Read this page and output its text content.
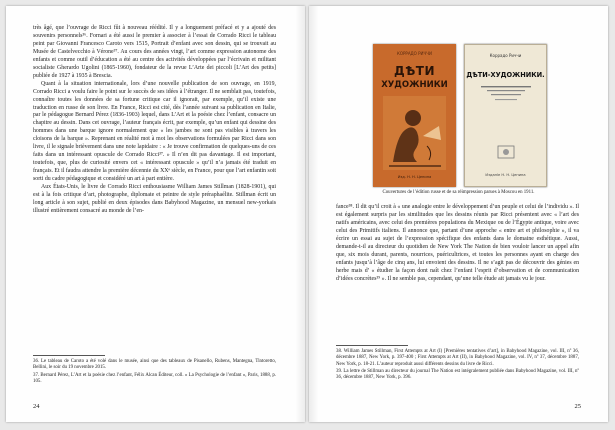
très âgé, que l’ouvrage de Ricci fût à nouveau réédité. Il y a longuement préfacé et y a ajouté des souvenirs personnels³⁶. Fornari a été aussi le premier à associer à l’essai de Corrado Ricci le tableau peint par Giovanni Francesco Caroto vers 1515, Portrait d’enfant avec son dessin, qui se trouvait au Musée de Castelvecchio à Vérone³⁷. Au cours des années vingt, l’art comme expression autonome des enfants et comme outil d’éducation a été au centre des activités développées par l’écrivain et militant socialiste Gherardo Ugolini (1865-1960), fondateur de la revue L’Arte dei piccoli [L’Art des petits] publiée de 1927 à 1935 à Brescia.

Quant à la situation internationale, lors d’une nouvelle publication de son ouvrage, en 1919, Corrado Ricci a voulu faire le point sur le succès de ses idées à l’étranger. Il ne semblait pas, toutefois, connaître toutes les données de sa fortune critique car il ignorait, par exemple, qu’il existe une traduction en russe de son livre. En France, Ricci est cité, dès l’année suivant sa publication en Italie, par le pédagogue Bernard Pérez (1836-1903) lequel, dans L’Art et la poésie chez l’enfant, consacre un chapitre au dessin. Dans cet ouvrage, l’auteur français écrit, par exemple, qu’un enfant qui dessine des hommes dans une barque ignore normalement que « les jambes ne sont pas visibles à travers les cloisons de la barque ». Reprenant en réalité mot à mot les observations formulées par Ricci dans son livre, il le signale brièvement dans une note lapidaire : « Je trouve confirmation de quelques-uns de ces faits dans un intéressant opuscule de Corrado Ricci³⁷. » Il n’en dit pas davantage. Il est important, toutefois, que, plus de curiosité envers cet « intéressant opuscule » qu’il n’a jamais été traduit en français. Et il faudra attendre la première décennie du XXᵉ siècle, en France, pour que l’art enfantin soit sorti du cadre pédagogique et considéré un art à part entière.

Aux États-Unis, le livre de Corrado Ricci enthousiasme William James Stillman (1828-1901), qui est à la fois critique d’art, photographe, diplomate et peintre de style préraphaélite. Stillman écrit un long article à son sujet, publié en deux épisodes dans Babyhood Magazine, un mensuel new-yorkais illustré entièrement consacré au monde de l’en-

36. Le tableau de Caroto a été volé dans le musée, ainsi que des tableaux de Pisanello, Rubens, Mantegna, Tintoretto, Bellini, le soir du 19 novembre 2015.

37. Bernard Pérez, L’Art et la poésie chez l’enfant, Félix Alcan Éditeur, coll. « La Psychologie de l’enfant », Paris, 1888, p. 105.

24
КОРРАДО РИЧЧИ
ДѢТИ
ХУДОЖНИКИ
Изд. Н. Н. Ценина
Коррадо Риччи
ДѢТИ-ХУДОЖНИКИ.
Изданіе Н. Н. Ценина
Couvertures de l’édition russe et de sa réimpression parues à Moscou en 1911.

fance³⁸. Il dit qu’il croit à « une analogie entre le développement d’un peuple et celui de l’individu ». Il est également surpris par les similitudes que les dessins réunis par Ricci présentent avec « l’art des natifs américains, avec celui des premières populations du Mexique ou de l’Égypte antique, voire avec celui des Primitifs italiens. Il annonce que, partant d’une approche « entre art et philosophie », il va écrire un essai au sujet de l’expression spécifique des enfants dans le domaine esthétique. Aussi, demande-t-il au directeur du quotidien de New York The Nation de bien vouloir lancer un appel afin que, six mois durant, parents, nourrices, puéricultrices, et toutes les personnes ayant en charge des enfants jusqu’à l’âge de cinq ans, lui envoient des dessins. Il ne s’agit pas de découvrir des génies en herbe mais d’ « étudier la façon dont naît chez l’enfant l’esprit d’observation et de communication d’idées concrètes³⁹ ». Il ne semble pas, cependant, qu’une telle étude ait jamais vu le jour.

38. William James Stillman, First Attempts at Art (I) [Premières tentatives d’art], in Babyhood Magazine, vol. III, nº 36, décembre 1887, New York, p. 397-400 ; First Attempts at Art (II), in Babyhood Magazine, vol. IV, nº 37, décembre 1887, New York, p. 18-21. L’auteur reproduit aussi différents dessins du livre de Ricci.

39. La lettre de Stillman au directeur du journal The Nation est intégralement publiée dans Babyhood Magazine, vol. III, nº 36, décembre 1887, New York, p. 396.

25
